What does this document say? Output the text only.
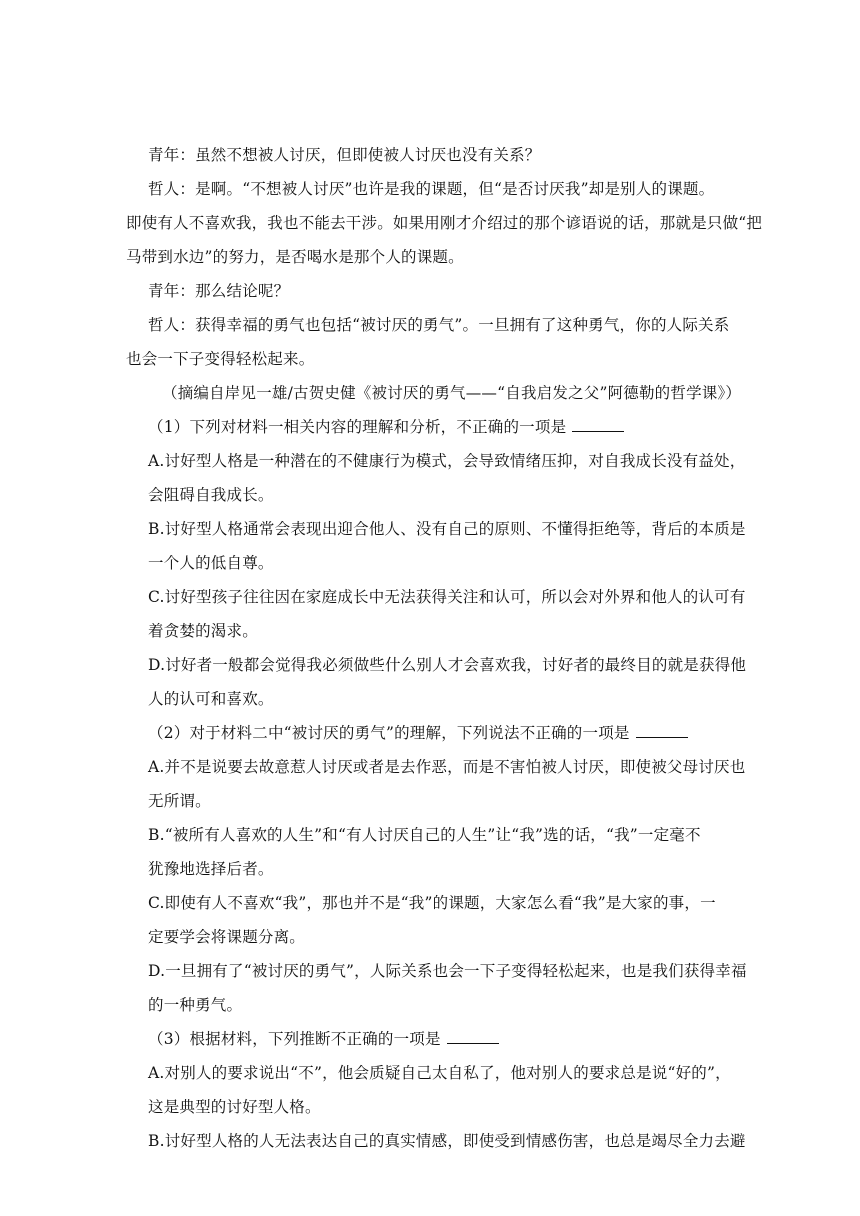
青年：虽然不想被人讨厌，但即使被人讨厌也没有关系？
哲人：是啊。“不想被人讨厌”也许是我的课题，但“是否讨厌我”却是别人的课题。
即使有人不喜欢我，我也不能去干涉。如果用刚才介绍过的那个谚语说的话，那就是只做“把
马带到水边”的努力，是否喝水是那个人的课题。
青年：那么结论呢？
哲人：获得幸福的勇气也包括“被讨厌的勇气”。一旦拥有了这种勇气，你的人际关系
也会一下子变得轻松起来。
（摘编自岸见一雄/古贺史健《被讨厌的勇气——“自我启发之父”阿德勒的哲学课》）
（1）下列对材料一相关内容的理解和分析，不正确的一项是
A.讨好型人格是一种潜在的不健康行为模式，会导致情绪压抑，对自我成长没有益处，
会阻碍自我成长。
B.讨好型人格通常会表现出迎合他人、没有自己的原则、不懂得拒绝等，背后的本质是
一个人的低自尊。
C.讨好型孩子往往因在家庭成长中无法获得关注和认可，所以会对外界和他人的认可有
着贪婪的渴求。
D.讨好者一般都会觉得我必须做些什么别人才会喜欢我，讨好者的最终目的就是获得他
人的认可和喜欢。
（2）对于材料二中“被讨厌的勇气”的理解，下列说法不正确的一项是
A.并不是说要去故意惹人讨厌或者是去作恶，而是不害怕被人讨厌，即使被父母讨厌也
无所谓。
B.“被所有人喜欢的人生”和“有人讨厌自己的人生”让“我”选的话，“我”一定毫不
犹豫地选择后者。
C.即使有人不喜欢“我”，那也并不是“我”的课题，大家怎么看“我”是大家的事，一
定要学会将课题分离。
D.一旦拥有了“被讨厌的勇气”，人际关系也会一下子变得轻松起来，也是我们获得幸福
的一种勇气。
（3）根据材料，下列推断不正确的一项是
A.对别人的要求说出“不”，他会质疑自己太自私了，他对别人的要求总是说“好的”，
这是典型的讨好型人格。
B.讨好型人格的人无法表达自己的真实情感，即使受到情感伤害，也总是竭尽全力去避
